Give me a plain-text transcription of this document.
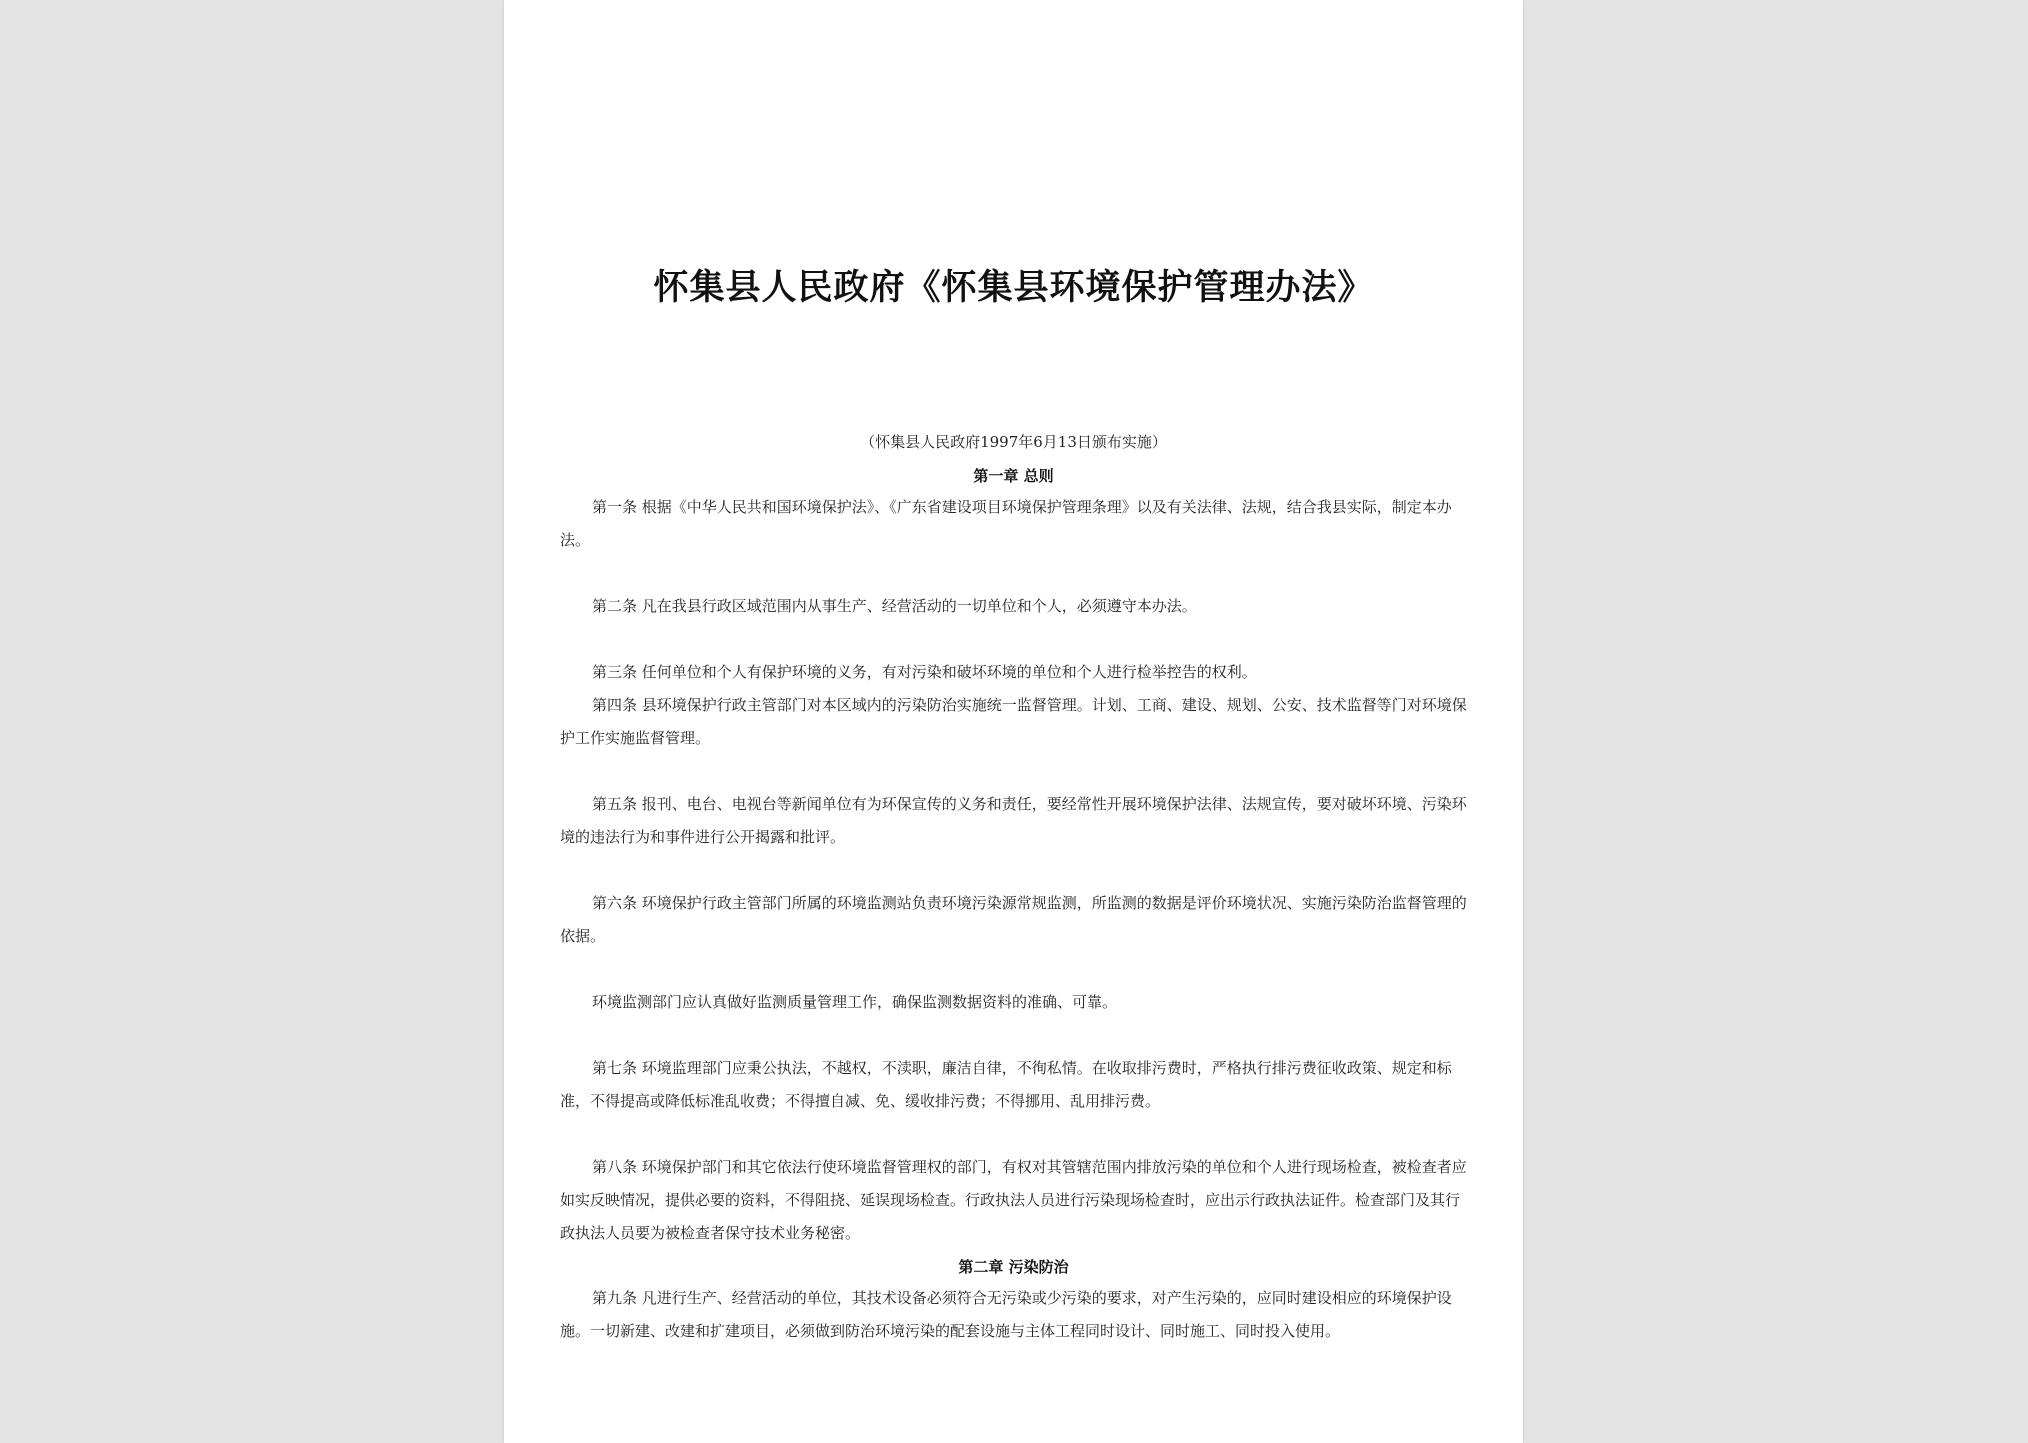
怀集县人民政府《怀集县环境保护管理办法》

（怀集县人民政府1997年6月13日颁布实施）

第一章 总则

第一条 根据《中华人民共和国环境保护法》、《广东省建设项目环境保护管理条理》以及有关法律、法规，结合我县实际，制定本办法。

第二条 凡在我县行政区域范围内从事生产、经营活动的一切单位和个人，必须遵守本办法。

第三条 任何单位和个人有保护环境的义务，有对污染和破坏环境的单位和个人进行检举控告的权利。

第四条 县环境保护行政主管部门对本区域内的污染防治实施统一监督管理。计划、工商、建设、规划、公安、技术监督等门对环境保护工作实施监督管理。

第五条 报刊、电台、电视台等新闻单位有为环保宣传的义务和责任，要经常性开展环境保护法律、法规宣传，要对破坏环境、污染环境的违法行为和事件进行公开揭露和批评。

第六条 环境保护行政主管部门所属的环境监测站负责环境污染源常规监测，所监测的数据是评价环境状况、实施污染防治监督管理的依据。

环境监测部门应认真做好监测质量管理工作，确保监测数据资料的准确、可靠。

第七条 环境监理部门应秉公执法，不越权，不渎职，廉洁自律，不徇私情。在收取排污费时，严格执行排污费征收政策、规定和标准，不得提高或降低标准乱收费；不得擅自减、免、缓收排污费；不得挪用、乱用排污费。

第八条 环境保护部门和其它依法行使环境监督管理权的部门，有权对其管辖范围内排放污染的单位和个人进行现场检查，被检查者应如实反映情况，提供必要的资料，不得阻挠、延误现场检查。行政执法人员进行污染现场检查时，应出示行政执法证件。检查部门及其行政执法人员要为被检查者保守技术业务秘密。

第二章 污染防治

第九条 凡进行生产、经营活动的单位，其技术设备必须符合无污染或少污染的要求，对产生污染的，应同时建设相应的环境保护设施。一切新建、改建和扩建项目，必须做到防治环境污染的配套设施与主体工程同时设计、同时施工、同时投入使用。
